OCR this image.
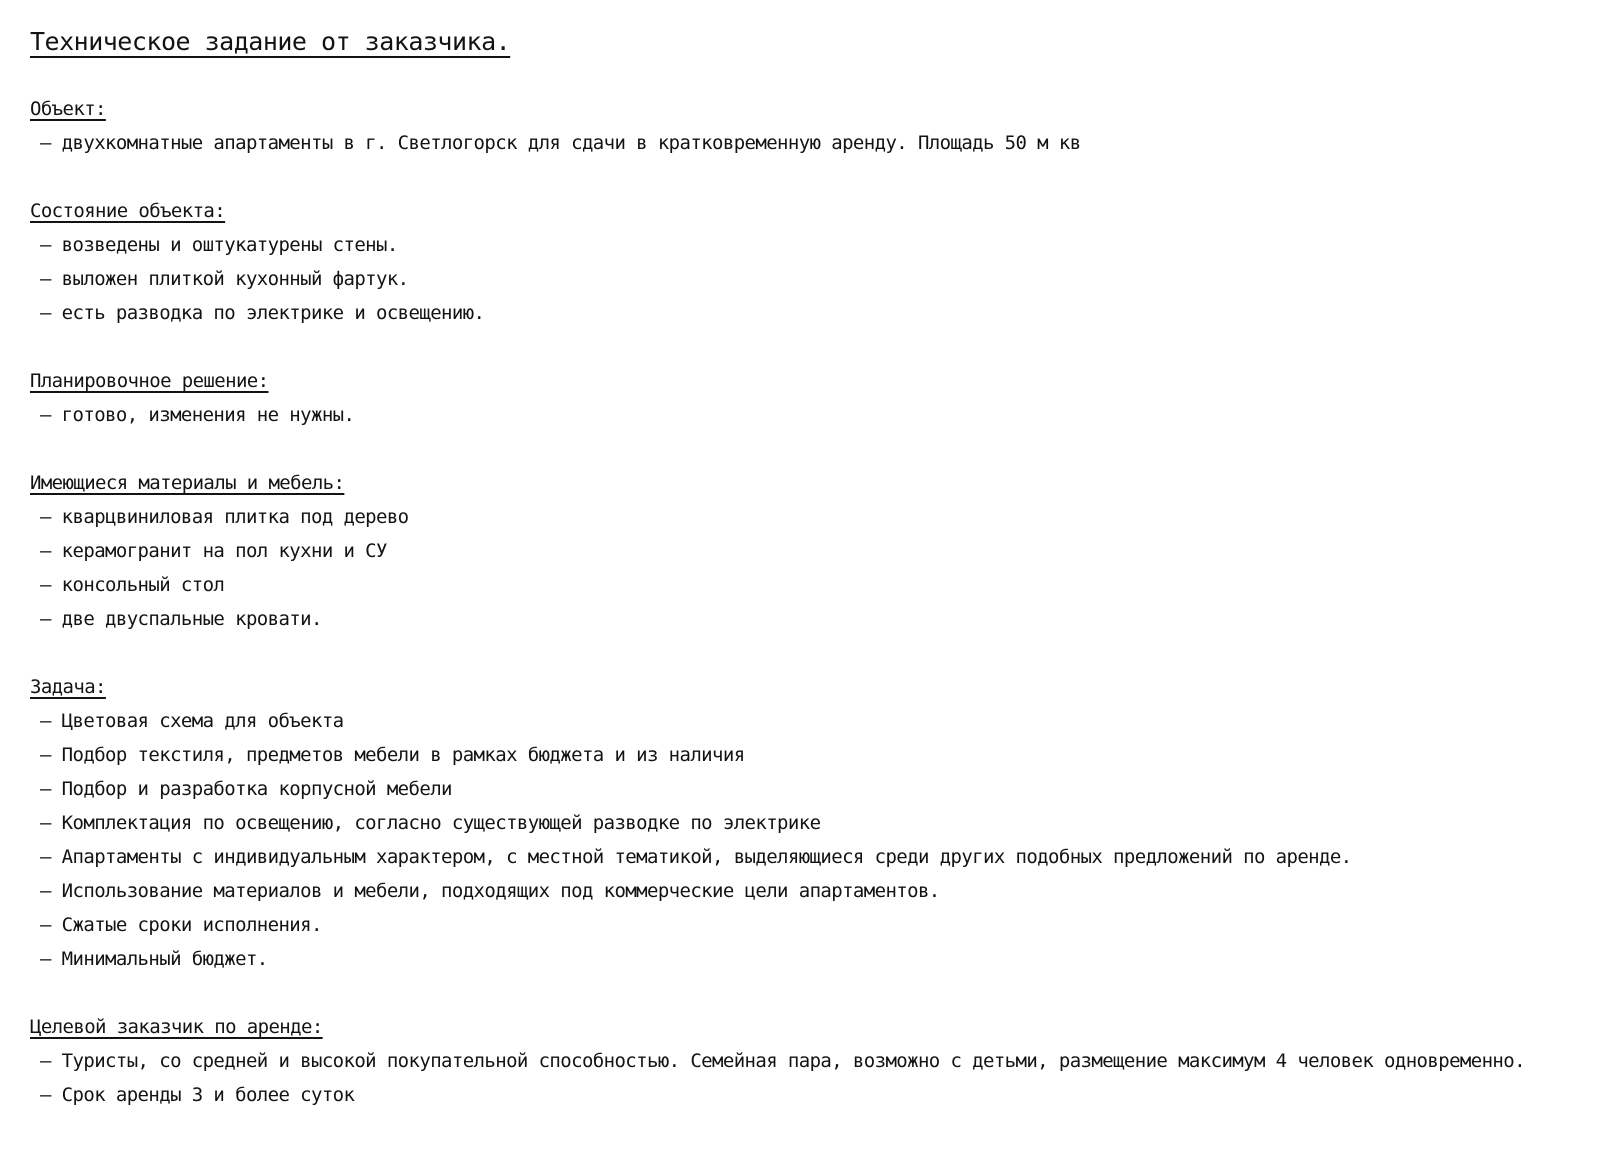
Техническое задание от заказчика.
Объект:
– двухкомнатные апартаменты в г. Светлогорск для сдачи в кратковременную аренду. Площадь 50 м кв
Состояние объекта:
– возведены и оштукатурены стены.
– выложен плиткой кухонный фартук.
– есть разводка по электрике и освещению.
Планировочное решение:
– готово, изменения не нужны.
Имеющиеся материалы и мебель:
– кварцвиниловая плитка под дерево
– керамогранит на пол кухни и СУ
– консольный стол
– две двуспальные кровати.
Задача:
– Цветовая схема для объекта
– Подбор текстиля, предметов мебели в рамках бюджета и из наличия
– Подбор и разработка корпусной мебели
– Комплектация по освещению, согласно существующей разводке по электрике
– Апартаменты с индивидуальным характером, с местной тематикой, выделяющиеся среди других подобных предложений по аренде.
– Использование материалов и мебели, подходящих под коммерческие цели апартаментов.
– Сжатые сроки исполнения.
– Минимальный бюджет.
Целевой заказчик по аренде:
– Туристы, со средней и высокой покупательной способностью. Семейная пара, возможно с детьми, размещение максимум 4 человек одновременно.
– Срок аренды 3 и более суток
